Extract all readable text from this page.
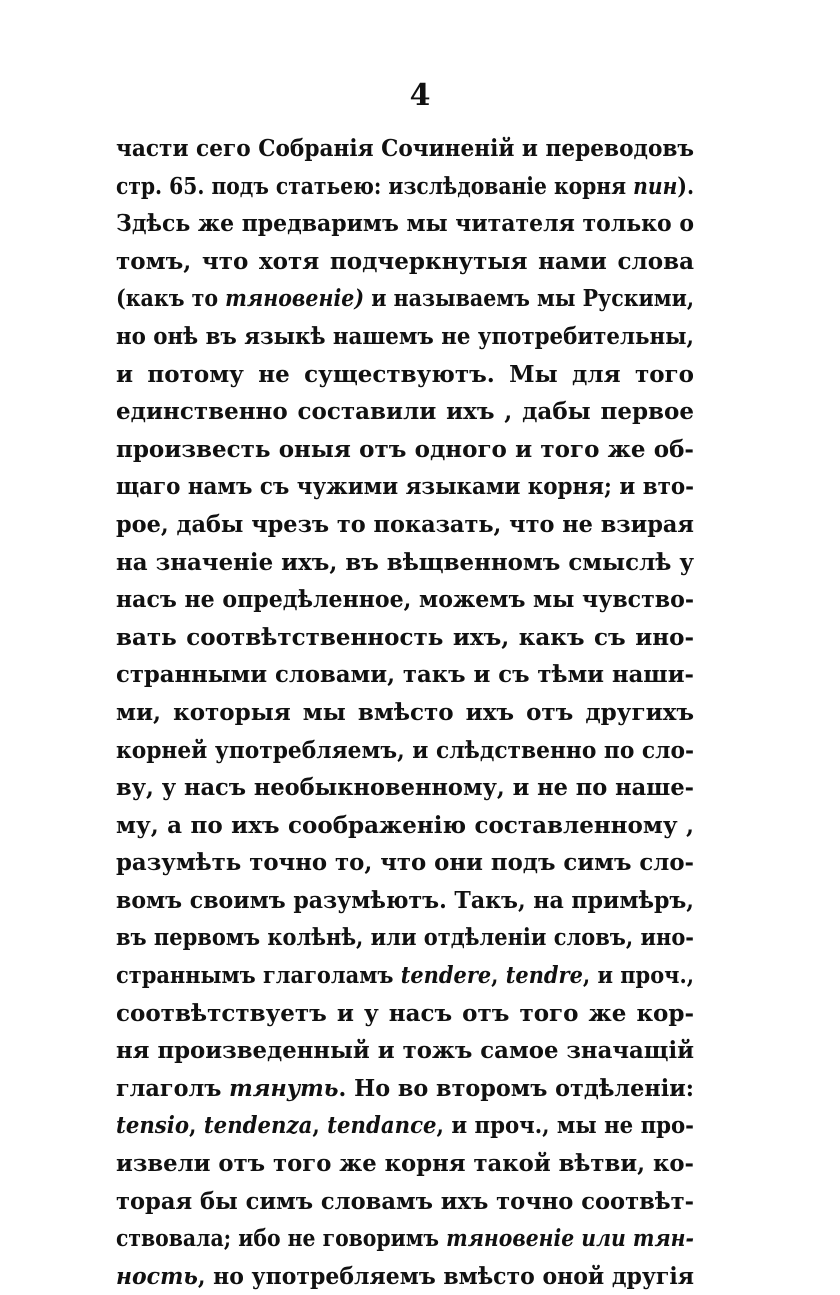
4
части сего Собранія Сочиненій и переводовъ
стр. 65. подъ статьею: изслѣдованіе корня пин).
Здѣсь же предваримъ мы читателя только о
томъ, что хотя подчеркнутыя нами слова
(какъ то тяновеніе) и называемъ мы Рускими,
но онѣ въ языкѣ нашемъ не употребительны,
и потому не существуютъ. Мы для того
единственно составили ихъ , дабы первое
произвесть оныя отъ одного и того же об-
щаго намъ съ чужими языками корня; и вто-
рое, дабы чрезъ то показать, что не взирая
на значеніе ихъ, въ вѣщвенномъ смыслѣ у
насъ не опредѣленное, можемъ мы чувство-
вать соотвѣтственность ихъ, какъ съ ино-
странными словами, такъ и съ тѣми наши-
ми, которыя мы вмѣсто ихъ отъ другихъ
корней употребляемъ, и слѣдственно по сло-
ву, у насъ необыкновенному, и не по наше-
му, а по ихъ соображенію составленному ,
разумѣть точно то, что они подъ симъ сло-
вомъ своимъ разумѣютъ. Такъ, на примѣръ,
въ первомъ колѣнѣ, или отдѣленіи словъ, ино-
страннымъ глаголамъ tendere, tendre, и проч.,
соотвѣтствуетъ и у насъ отъ того же кор-
ня произведенный и тожъ самое значащій
глаголъ тянуть. Но во второмъ отдѣленіи:
tensio, tendenza, tendance, и проч., мы не про-
извели отъ того же корня такой вѣтви, ко-
торая бы симъ словамъ ихъ точно соотвѣт-
ствовала; ибо не говоримъ тяновеніе или тян-
ность, но употребляемъ вмѣсто оной другія
